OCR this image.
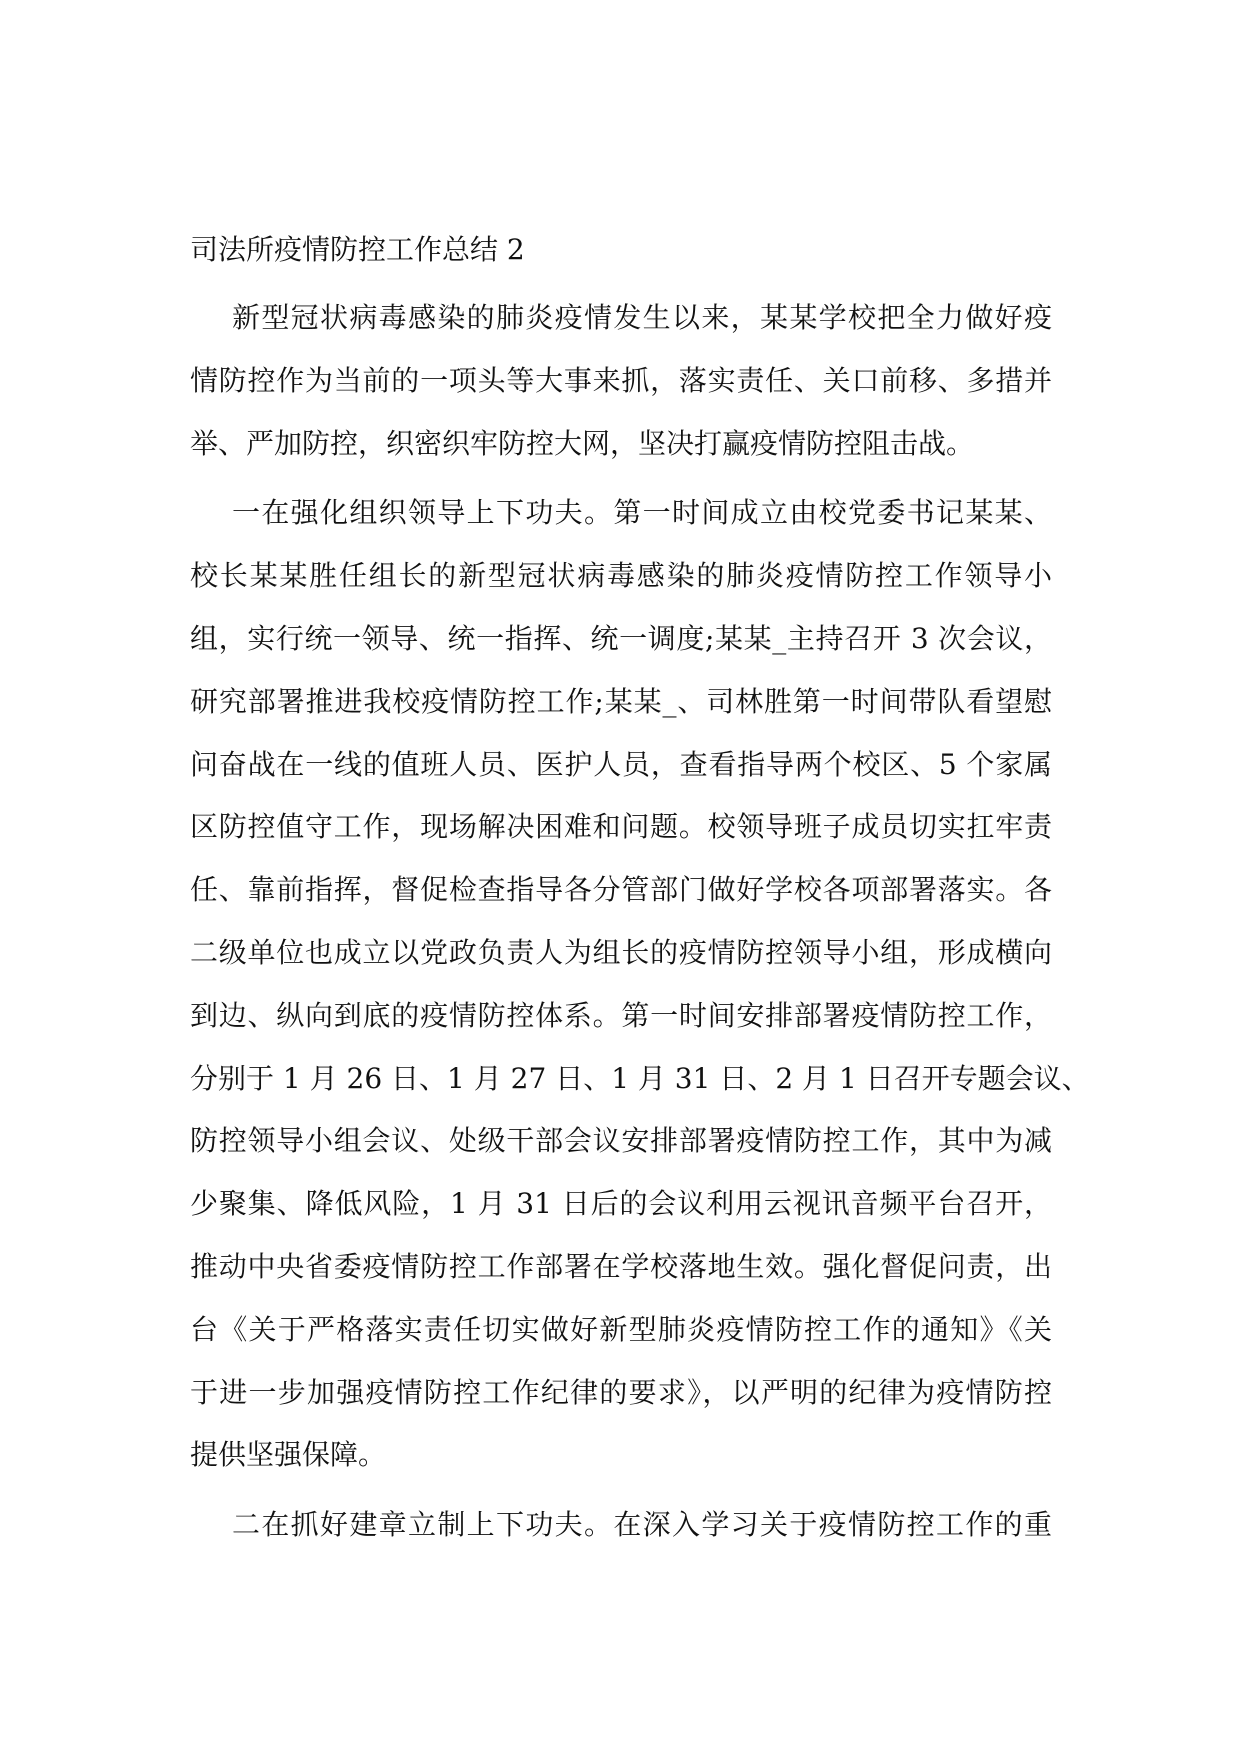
司法所疫情防控工作总结 2

新型冠状病毒感染的肺炎疫情发生以来，某某学校把全力做好疫
情防控作为当前的一项头等大事来抓，落实责任、关口前移、多措并
举、严加防控，织密织牢防控大网，坚决打赢疫情防控阻击战。

一在强化组织领导上下功夫。第一时间成立由校党委书记某某、
校长某某胜任组长的新型冠状病毒感染的肺炎疫情防控工作领导小
组，实行统一领导、统一指挥、统一调度;某某_主持召开 3 次会议，
研究部署推进我校疫情防控工作;某某_、司林胜第一时间带队看望慰
问奋战在一线的值班人员、医护人员，查看指导两个校区、5 个家属
区防控值守工作，现场解决困难和问题。校领导班子成员切实扛牢责
任、靠前指挥，督促检查指导各分管部门做好学校各项部署落实。各
二级单位也成立以党政负责人为组长的疫情防控领导小组，形成横向
到边、纵向到底的疫情防控体系。第一时间安排部署疫情防控工作，
分别于 1 月 26 日、1 月 27 日、1 月 31 日、2 月 1 日召开专题会议、
防控领导小组会议、处级干部会议安排部署疫情防控工作，其中为减
少聚集、降低风险，1 月 31 日后的会议利用云视讯音频平台召开，
推动中央省委疫情防控工作部署在学校落地生效。强化督促问责，出
台《关于严格落实责任切实做好新型肺炎疫情防控工作的通知》《关
于进一步加强疫情防控工作纪律的要求》，以严明的纪律为疫情防控
提供坚强保障。

二在抓好建章立制上下功夫。在深入学习关于疫情防控工作的重
